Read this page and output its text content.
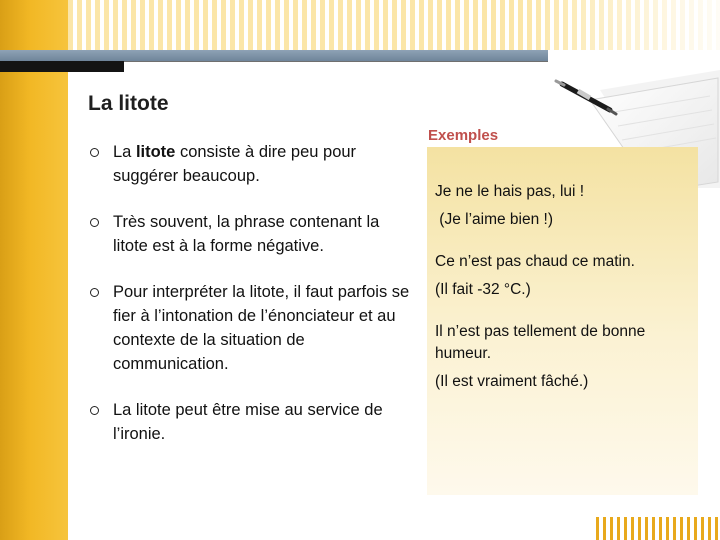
La litote
La litote consiste à dire peu pour suggérer beaucoup.
Très souvent, la phrase contenant la litote est à la forme négative.
Pour interpréter la litote, il faut parfois se fier à l’intonation de l’énonciateur et au contexte de la situation de communication.
La litote peut être mise au service de l’ironie.
Exemples

Je ne le hais pas, lui !

(Je l’aime bien !)

Ce n’est pas chaud ce matin.

(Il fait -32 °C.)

Il n’est pas tellement de bonne humeur.

(Il est vraiment fâché.)
